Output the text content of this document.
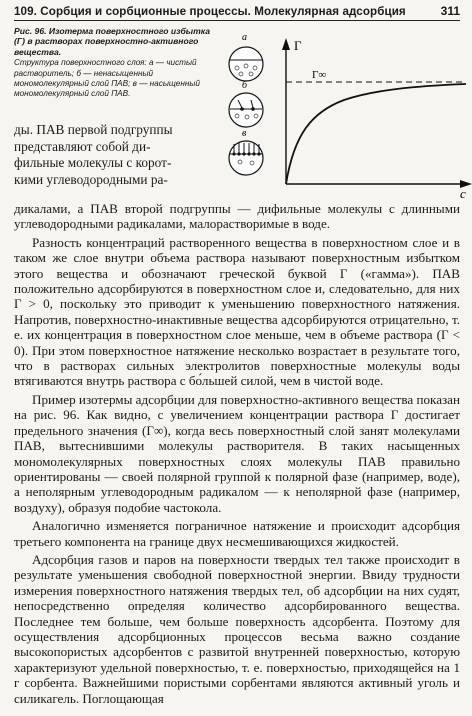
109. Сорбция и сорбционные процессы. Молекулярная адсорбция	311
Рис. 96. Изотерма поверхностного избытка (Г) в растворах поверхностно-активного вещества.
Структура поверхностного слоя: а — чистый растворитель; б — ненасыщенный мономолекулярный слой ПАВ; в — насыщенный мономолекулярный слой ПАВ.
ды. ПАВ первой подгруппы
представляют собой ди-
фильные молекулы с корот-
кими углеводородными ра-
а
б
в
Г
Г∞
c

дикалами, а ПАВ второй подгруппы — дифильные молекулы с длинными углеводородными радикалами, малорастворимые в воде.

Разность концентраций растворенного вещества в поверхностном слое и в таком же слое внутри объема раствора называют поверхностным избытком этого вещества и обозначают греческой буквой Г («гамма»). ПАВ положительно адсорбируются в поверхностном слое и, следовательно, для них Г > 0, поскольку это приводит к уменьшению поверхностного натяжения. Напротив, поверхностно-инактивные вещества адсорбируются отрицательно, т. е. их концентрация в поверхностном слое меньше, чем в объеме раствора (Г < 0). При этом поверхностное натяжение несколько возрастает в результате того, что в растворах сильных электролитов поверхностные молекулы воды втягиваются внутрь раствора с бо́льшей силой, чем в чистой воде.

Пример изотермы адсорбции для поверхностно-активного вещества показан на рис. 96. Как видно, с увеличением концентрации раствора Г достигает предельного значения (Г∞), когда весь поверхностный слой занят молекулами ПАВ, вытеснившими молекулы растворителя. В таких насыщенных мономолекулярных поверхностных слоях молекулы ПАВ правильно ориентированы — своей полярной группой к полярной фазе (например, воде), а неполярным углеводородным радикалом — к неполярной фазе (например, воздуху), образуя подобие частокола.

Аналогично изменяется пограничное натяжение и происходит адсорбция третьего компонента на границе двух несмешивающихся жидкостей.

Адсорбция газов и паров на поверхности твердых тел также происходит в результате уменьшения свободной поверхностной энергии. Ввиду трудности измерения поверхностного натяжения твердых тел, об адсорбции на них судят, непосредственно определяя количество адсорбированного вещества. Последнее тем больше, чем больше поверхность адсорбента. Поэтому для осуществления адсорбционных процессов весьма важно создание высокопористых адсорбентов с развитой внутренней поверхностью, которую характеризуют удельной поверхностью, т. е. поверхностью, приходящейся на 1 г сорбента. Важнейшими пористыми сорбентами являются активный уголь и силикагель. Поглощающая
